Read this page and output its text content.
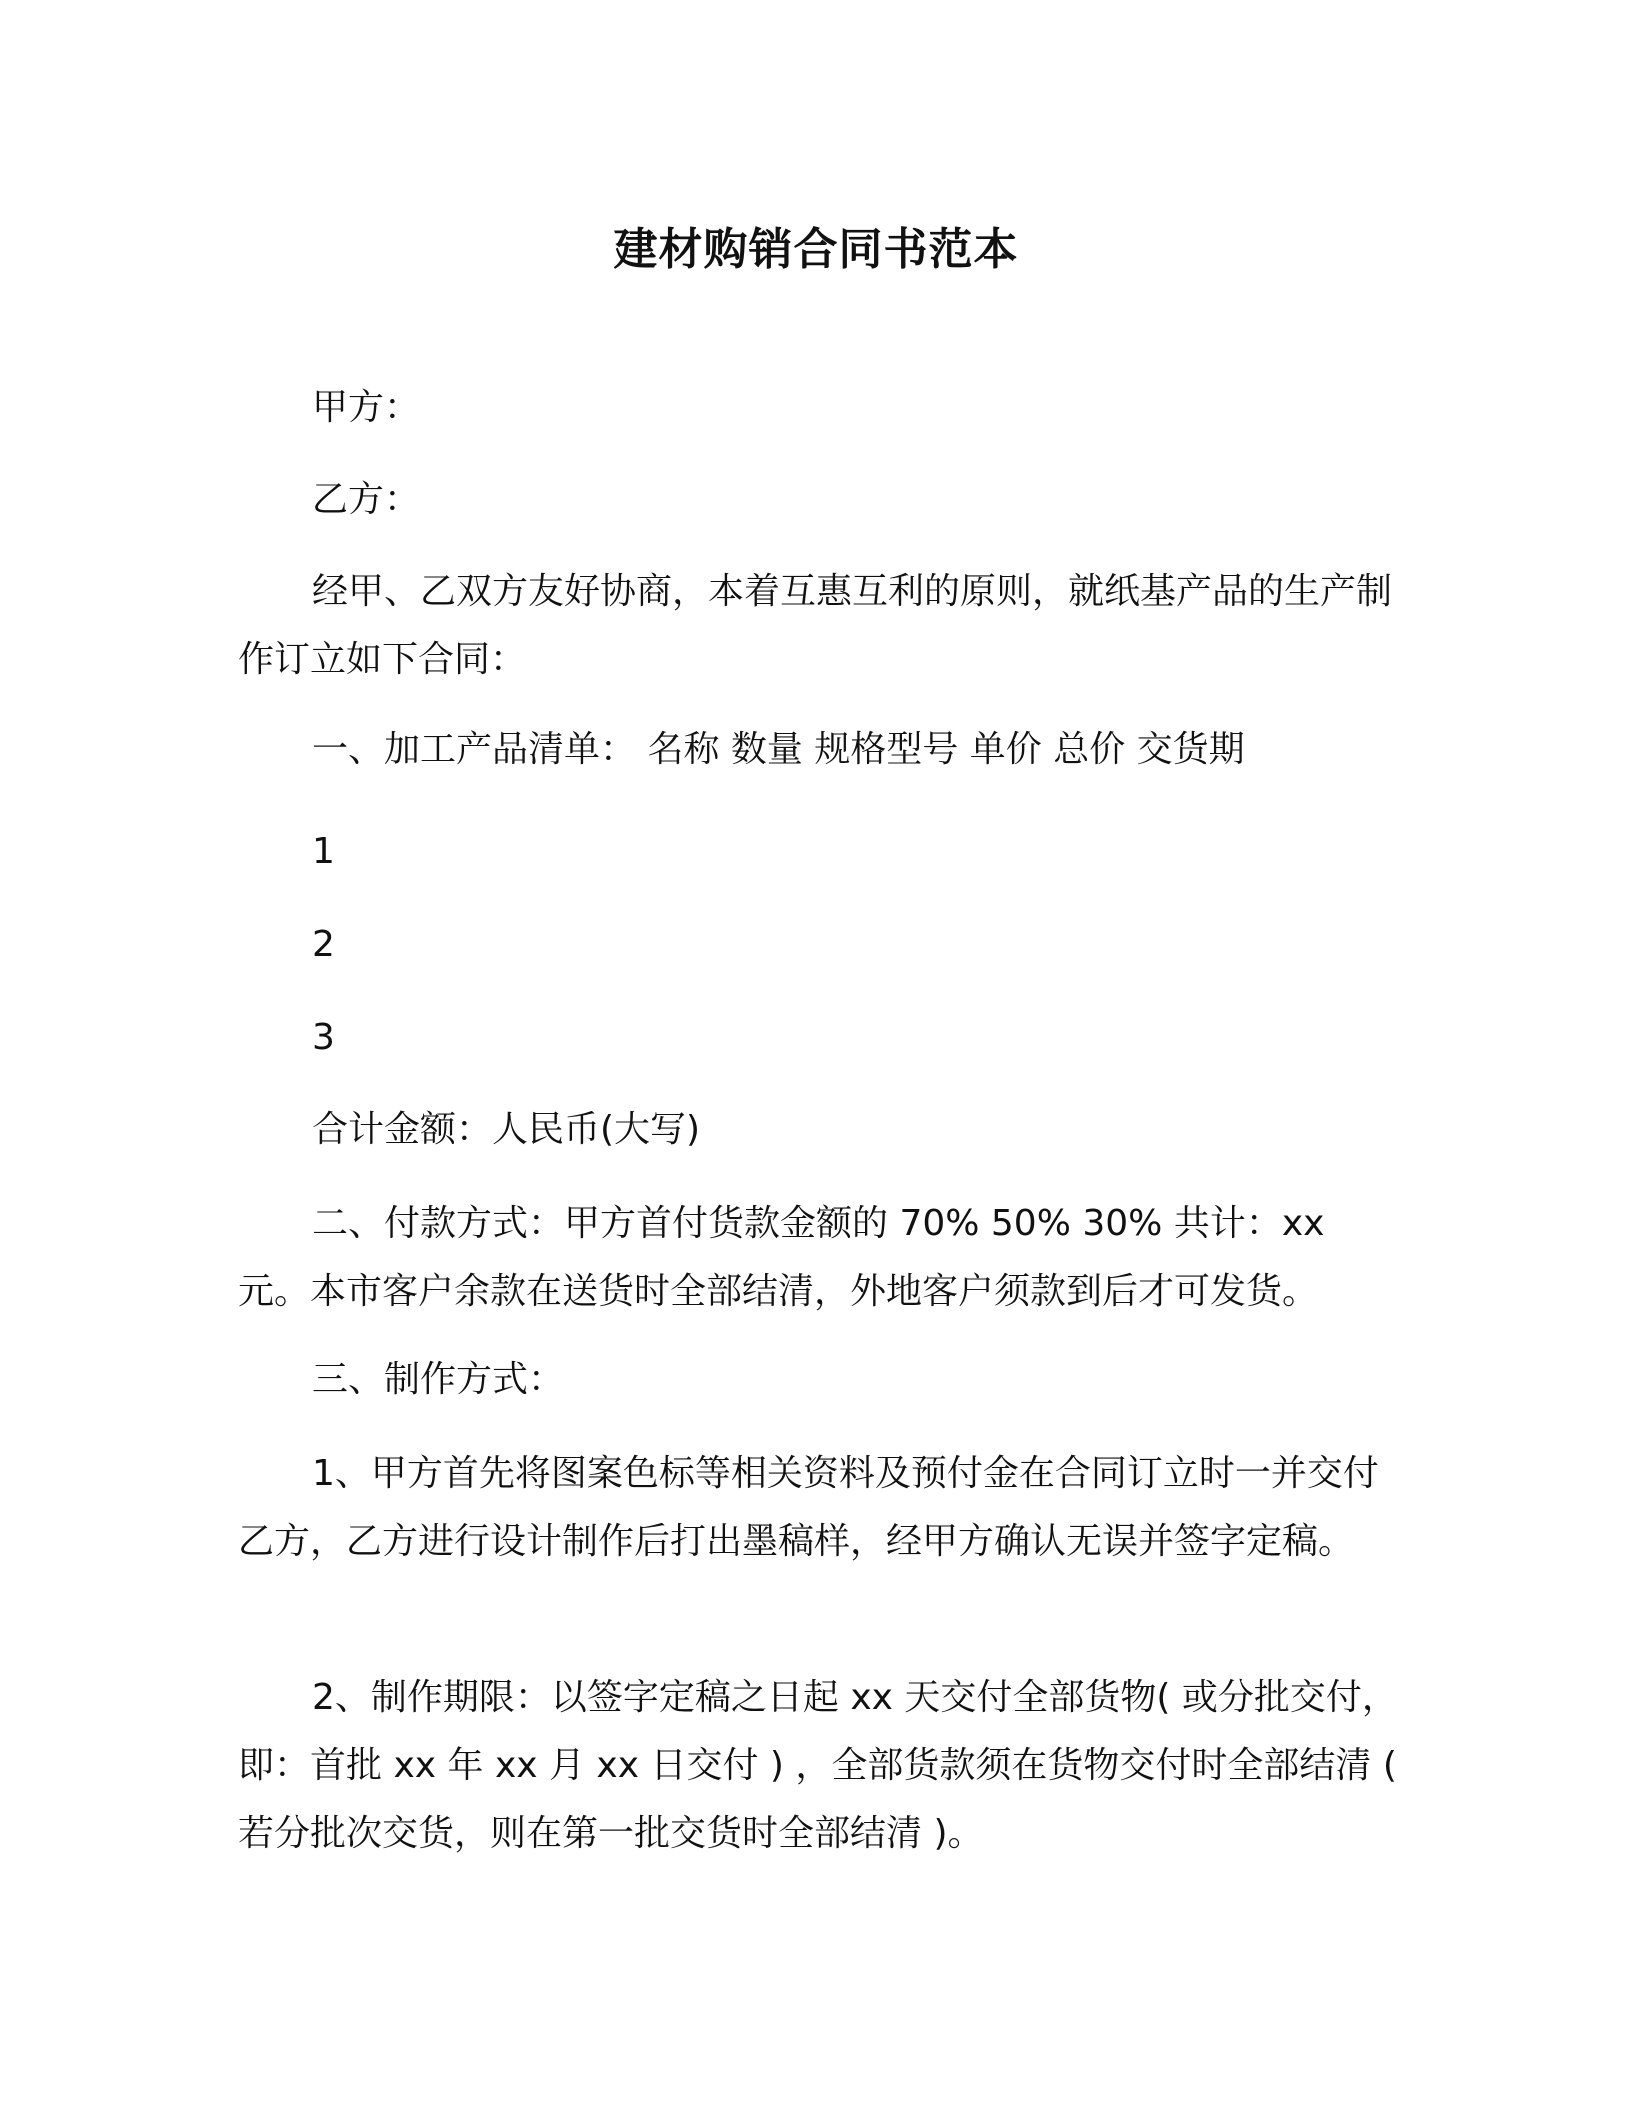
建材购销合同书范本
甲方：
乙方：

经甲、乙双方友好协商，本着互惠互利的原则，就纸基产品的生产制作订立如下合同：

一、加工产品清单： 名称 数量 规格型号 单价 总价 交货期
1
2
3
合计金额：人民币(大写)

二、付款方式：甲方首付货款金额的 70% 50% 30% 共计：xx 元。本市客户余款在送货时全部结清，外地客户须款到后才可发货。

三、制作方式：

1、甲方首先将图案色标等相关资料及预付金在合同订立时一并交付乙方，乙方进行设计制作后打出墨稿样，经甲方确认无误并签字定稿。

2、制作期限：以签字定稿之日起 xx 天交付全部货物( 或分批交付，即：首批 xx 年 xx 月 xx 日交付 ) ，全部货款须在货物交付时全部结清 ( 若分批次交货，则在第一批交货时全部结清 )。
